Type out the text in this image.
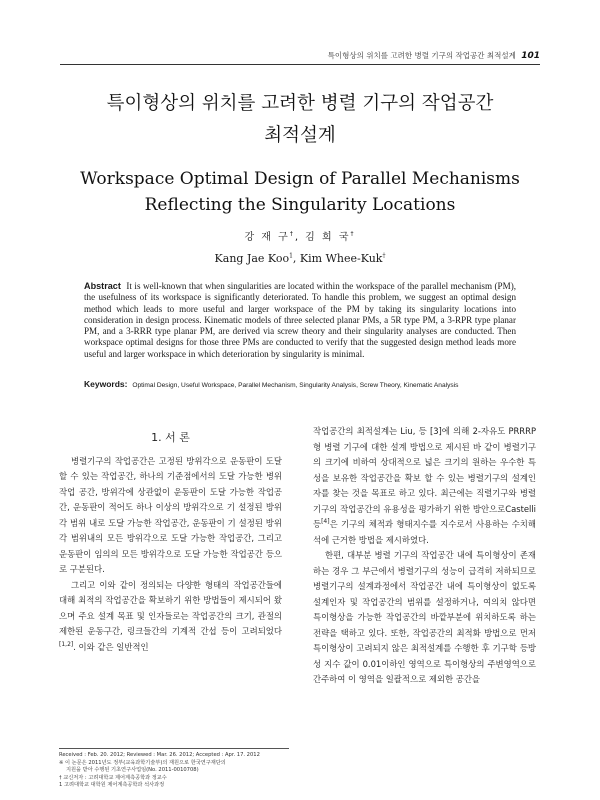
특이형상의 위치를 고려한 병렬 기구의 작업공간 최적설계 101
특이형상의 위치를 고려한 병렬 기구의 작업공간
최적설계
Workspace Optimal Design of Parallel Mechanisms
Reflecting the Singularity Locations
강 재 구†, 김 희 국†
Kang Jae Koo$^1$, Kim Whee-Kuk†
Abstract It is well-known that when singularities are located within the workspace of the parallel mechanism (PM), the usefulness of its workspace is significantly deteriorated. To handle this problem, we suggest an optimal design method which leads to more useful and larger workspace of the PM by taking its singularity locations into consideration in design process. Kinematic models of three selected planar PMs, a 5R type PM, a 3-RPR type planar PM, and a 3-RRR type planar PM, are derived via screw theory and their singularity analyses are conducted. Then workspace optimal designs for those three PMs are conducted to verify that the suggested design method leads more useful and larger workspace in which deterioration by singularity is minimal.
Keywords: Optimal Design, Useful Workspace, Parallel Mechanism, Singularity Analysis, Screw Theory, Kinematic Analysis
1. 서 론

병렬기구의 작업공간은 고정된 방위각으로 운동판이 도달 할 수 있는 작업공간, 하나의 기준점에서의 도달 가능한 병위 작업 공간, 방위각에 상관없이 운동판이 도달 가능한 작업공간, 운동판이 적어도 하나 이상의 방위각으로 기 설정된 방위각 범위 내로 도달 가능한 작업공간, 운동판이 기 설정된 방위각 범위내의 모든 방위각으로 도달 가능한 작업공간, 그리고 운동판이 임의의 모든 방위각으로 도달 가능한 작업공간 등으로 구분된다.

그리고 이와 같이 정의되는 다양한 형태의 작업공간들에 대해 최적의 작업공간을 확보하기 위한 방법들이 제시되어 왔으며 주요 설계 목표 및 인자들로는 작업공간의 크기, 관절의 제한된 운동구간, 링크들간의 기계적 간섭 등이 고려되었다[1,2]. 이와 같은 일반적인

작업공간의 최적설계는 Liu, 등 [3]에 의해 2-자유도 PRRRP형 병렬 기구에 대한 설계 방법으로 제시된 바 같이 병렬기구의 크기에 비하여 상대적으로 넓은 크기의 원하는 우수한 특성을 보유한 작업공간을 확보 할 수 있는 병렬기구의 설계인자를 찾는 것을 목표로 하고 있다. 최근에는 직렬기구와 병렬기구의 작업공간의 유용성을 평가하기 위한 방안으로Castelli 등[4]은 기구의 체적과 형태지수를 지수로서 사용하는 수치해석에 근거한 방법을 제시하였다.

한편, 대부분 병렬 기구의 작업공간 내에 특이형상이 존재하는 경우 그 부근에서 병렬기구의 성능이 급격히 저하되므로 병렬기구의 설계과정에서 작업공간 내에 특이형상이 없도록 설계인자 및 작업공간의 범위를 설정하거나, 여의치 않다면 특이형상을 가능한 작업공간의 바깥부분에 위치하도록 하는 전략을 택하고 있다. 또한, 작업공간의 최적화 방법으로 먼저 특이형상이 고려되지 않은 최적설계를 수행한 후 기구학 등방성 지수 값이 0.01이하인 영역으로 특이형상의 주변영역으로 간주하여 이 영역을 일괄적으로 제외한 공간을

Received : Feb. 20. 2012; Reviewed : Mar. 26. 2012; Accepted : Apr. 17. 2012
※ 이 논문은 2011년도 정부(교육과학기술부)의 재원으로 한국연구재단의
지원을 받아 수행된 기초연구사업임(No. 2011-0010708)
† 교신저자 : 고려대학교 제어계측공학과 정교수
1 고려대학교 대학원 제어계측공학과 석사과정
